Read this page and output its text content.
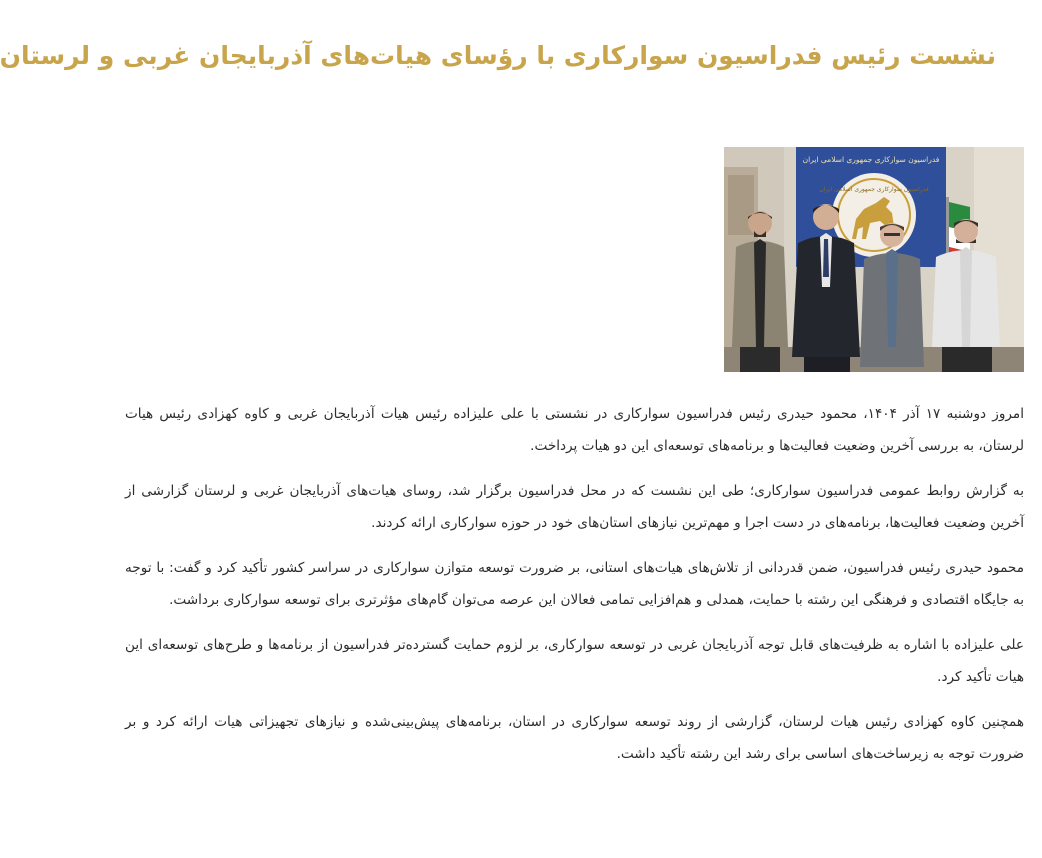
نشست رئیس فدراسیون سوارکاری با رؤسای هیات‌های آذربایجان غربی و لرستان
فدراسیون سوارکاری جمهوری اسلامی ایران
فدراسیون سوارکاری جمهوری اسلامی ایران

امروز دوشنبه ۱۷ آذر ۱۴۰۴، محمود حیدری رئیس فدراسیون سوارکاری در نشستی با علی علیزاده رئیس هیات آذربایجان غربی و کاوه کهزادی رئیس هیات لرستان، به بررسی آخرین وضعیت فعالیت‌ها و برنامه‌های توسعه‌ای این دو هیات پرداخت.

به گزارش روابط عمومی فدراسیون سوارکاری؛ طی این نشست که در محل فدراسیون برگزار شد، روسای هیات‌های آذربایجان غربی و لرستان گزارشی از آخرین وضعیت فعالیت‌ها، برنامه‌های در دست اجرا و مهم‌ترین نیازهای استان‌های خود در حوزه سوارکاری ارائه کردند.

محمود حیدری رئیس فدراسیون، ضمن قدردانی از تلاش‌های هیات‌های استانی، بر ضرورت توسعه متوازن سوارکاری در سراسر کشور تأکید کرد و گفت: با توجه به جایگاه اقتصادی و فرهنگی این رشته با حمایت، همدلی و هم‌افزایی تمامی فعالان این عرصه می‌توان گام‌های مؤثرتری برای توسعه سوارکاری برداشت.

علی علیزاده با اشاره به ظرفیت‌های قابل توجه آذربایجان غربی در توسعه سوارکاری، بر لزوم حمایت گسترده‌تر فدراسیون از برنامه‌ها و طرح‌های توسعه‌ای این هیات تأکید کرد.

همچنین کاوه کهزادی رئیس هیات لرستان، گزارشی از روند توسعه سوارکاری در استان، برنامه‌های پیش‌بینی‌شده و نیازهای تجهیزاتی هیات ارائه کرد و بر ضرورت توجه به زیرساخت‌های اساسی برای رشد این رشته تأکید داشت.
